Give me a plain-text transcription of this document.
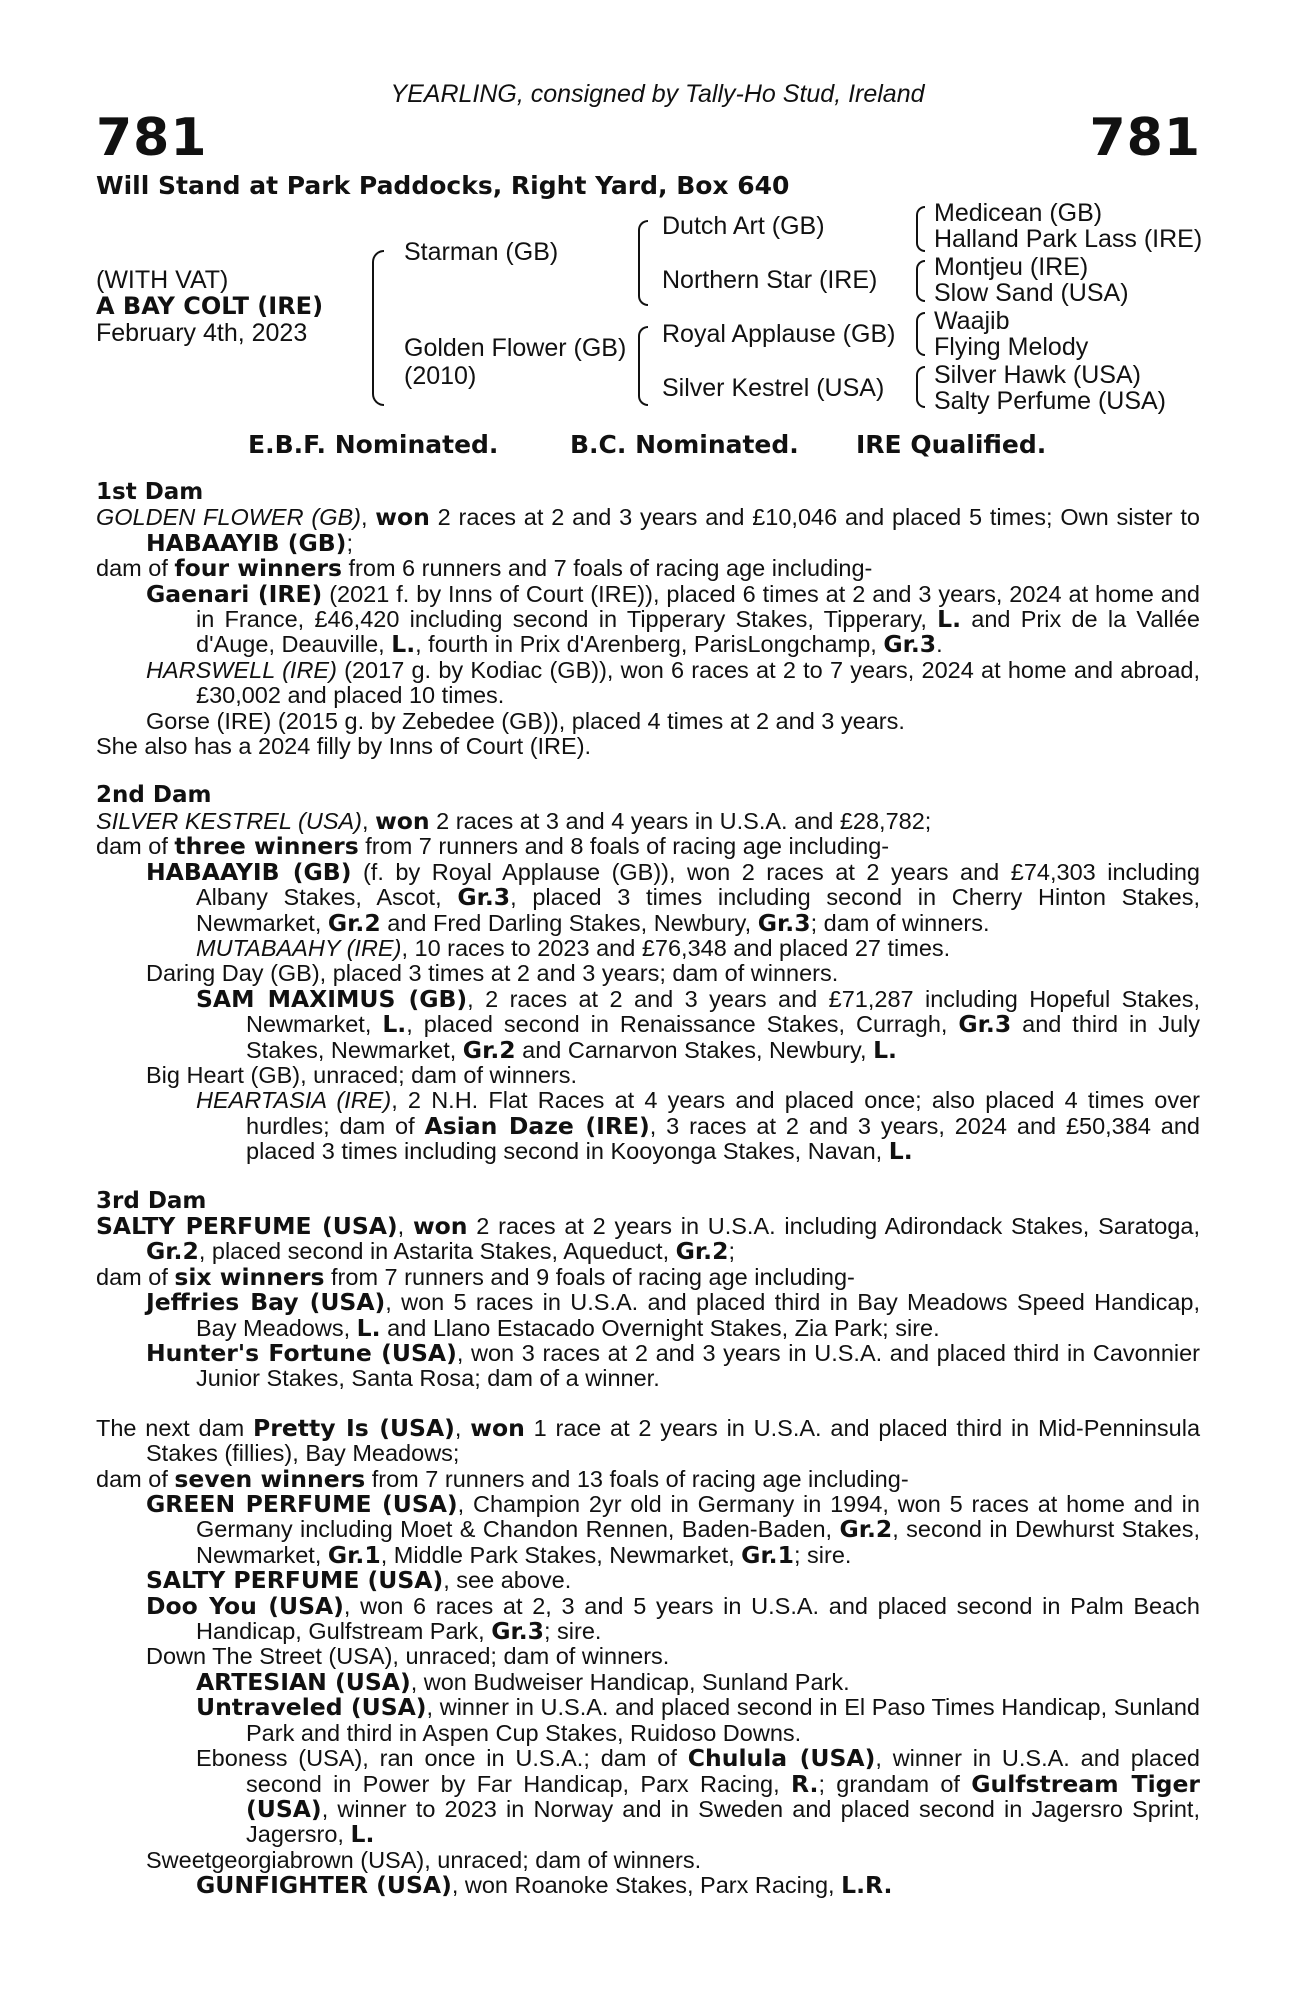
YEARLING, consigned by Tally-Ho Stud, Ireland
781	781
Will Stand at Park Paddocks, Right Yard, Box 640
(WITH VAT)
A BAY COLT (IRE)
February 4th, 2023
Starman (GB)
Golden Flower (GB)
(2010)
Dutch Art (GB)
Northern Star (IRE)
Royal Applause (GB)
Silver Kestrel (USA)
Medicean (GB)
Halland Park Lass (IRE)
Montjeu (IRE)
Slow Sand (USA)
Waajib
Flying Melody
Silver Hawk (USA)
Salty Perfume (USA)
E.B.F. Nominated.	B.C. Nominated. IRE Qualified.
1st Dam

GOLDEN FLOWER (GB), won 2 races at 2 and 3 years and £10,046 and placed 5 times; Own sister to HABAAYIB (GB);

dam of four winners from 6 runners and 7 foals of racing age including-

Gaenari (IRE) (2021 f. by Inns of Court (IRE)), placed 6 times at 2 and 3 years, 2024 at home and in France, £46,420 including second in Tipperary Stakes, Tipperary, L. and Prix de la Vallée d'Auge, Deauville, L., fourth in Prix d'Arenberg, ParisLongchamp, Gr.3.

HARSWELL (IRE) (2017 g. by Kodiac (GB)), won 6 races at 2 to 7 years, 2024 at home and abroad, £30,002 and placed 10 times.

Gorse (IRE) (2015 g. by Zebedee (GB)), placed 4 times at 2 and 3 years.

She also has a 2024 filly by Inns of Court (IRE).

2nd Dam

SILVER KESTREL (USA), won 2 races at 3 and 4 years in U.S.A. and £28,782;

dam of three winners from 7 runners and 8 foals of racing age including-

HABAAYIB (GB) (f. by Royal Applause (GB)), won 2 races at 2 years and £74,303 including Albany Stakes, Ascot, Gr.3, placed 3 times including second in Cherry Hinton Stakes, Newmarket, Gr.2 and Fred Darling Stakes, Newbury, Gr.3; dam of winners.

MUTABAAHY (IRE), 10 races to 2023 and £76,348 and placed 27 times.

Daring Day (GB), placed 3 times at 2 and 3 years; dam of winners.

SAM MAXIMUS (GB), 2 races at 2 and 3 years and £71,287 including Hopeful Stakes, Newmarket, L., placed second in Renaissance Stakes, Curragh, Gr.3 and third in July Stakes, Newmarket, Gr.2 and Carnarvon Stakes, Newbury, L.

Big Heart (GB), unraced; dam of winners.

HEARTASIA (IRE), 2 N.H. Flat Races at 4 years and placed once; also placed 4 times over hurdles; dam of Asian Daze (IRE), 3 races at 2 and 3 years, 2024 and £50,384 and placed 3 times including second in Kooyonga Stakes, Navan, L.

3rd Dam

SALTY PERFUME (USA), won 2 races at 2 years in U.S.A. including Adirondack Stakes, Saratoga, Gr.2, placed second in Astarita Stakes, Aqueduct, Gr.2;

dam of six winners from 7 runners and 9 foals of racing age including-

Jeffries Bay (USA), won 5 races in U.S.A. and placed third in Bay Meadows Speed Handicap, Bay Meadows, L. and Llano Estacado Overnight Stakes, Zia Park; sire.

Hunter's Fortune (USA), won 3 races at 2 and 3 years in U.S.A. and placed third in Cavonnier Junior Stakes, Santa Rosa; dam of a winner.

The next dam Pretty Is (USA), won 1 race at 2 years in U.S.A. and placed third in Mid-Penninsula Stakes (fillies), Bay Meadows;

dam of seven winners from 7 runners and 13 foals of racing age including-

GREEN PERFUME (USA), Champion 2yr old in Germany in 1994, won 5 races at home and in Germany including Moet & Chandon Rennen, Baden-Baden, Gr.2, second in Dewhurst Stakes, Newmarket, Gr.1, Middle Park Stakes, Newmarket, Gr.1; sire.

SALTY PERFUME (USA), see above.

Doo You (USA), won 6 races at 2, 3 and 5 years in U.S.A. and placed second in Palm Beach Handicap, Gulfstream Park, Gr.3; sire.

Down The Street (USA), unraced; dam of winners.

ARTESIAN (USA), won Budweiser Handicap, Sunland Park.

Untraveled (USA), winner in U.S.A. and placed second in El Paso Times Handicap, Sunland Park and third in Aspen Cup Stakes, Ruidoso Downs.

Eboness (USA), ran once in U.S.A.; dam of Chulula (USA), winner in U.S.A. and placed second in Power by Far Handicap, Parx Racing, R.; grandam of Gulfstream Tiger (USA), winner to 2023 in Norway and in Sweden and placed second in Jagersro Sprint, Jagersro, L.

Sweetgeorgiabrown (USA), unraced; dam of winners.

GUNFIGHTER (USA), won Roanoke Stakes, Parx Racing, L.R.
